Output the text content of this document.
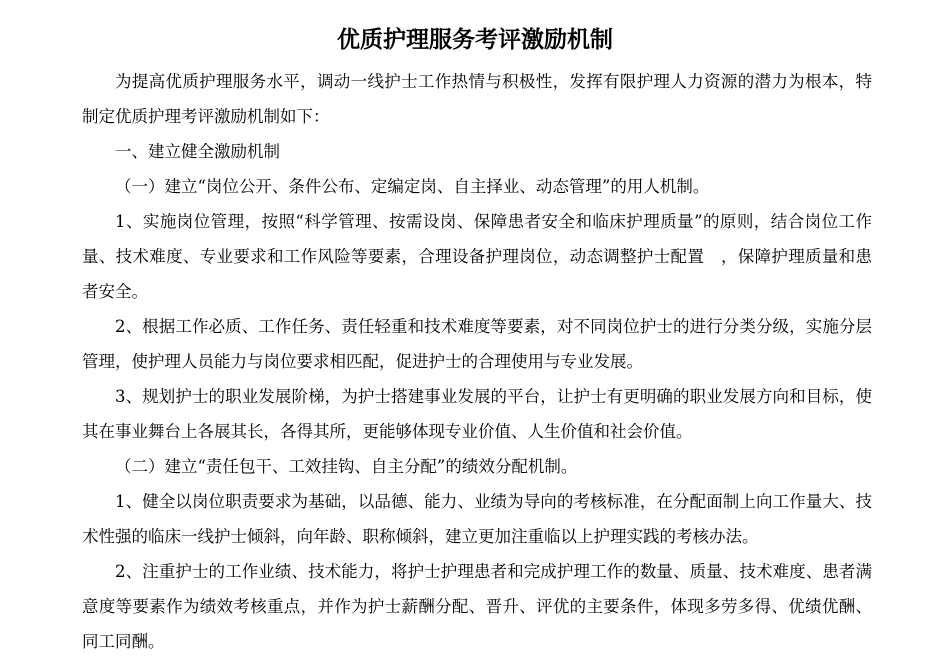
优质护理服务考评激励机制

为提高优质护理服务水平，调动一线护士工作热情与积极性，发挥有限护理人力资源的潜力为根本，特制定优质护理考评激励机制如下：

一、建立健全激励机制

（一）建立“岗位公开、条件公布、定编定岗、自主择业、动态管理”的用人机制。

1、实施岗位管理，按照“科学管理、按需设岗、保障患者安全和临床护理质量”的原则，结合岗位工作量、技术难度、专业要求和工作风险等要素，合理设备护理岗位，动态调整护士配置　，保障护理质量和患者安全。

2、根据工作必质、工作任务、责任轻重和技术难度等要素，对不同岗位护士的进行分类分级，实施分层管理，使护理人员能力与岗位要求相匹配，促进护士的合理使用与专业发展。

3、规划护士的职业发展阶梯，为护士搭建事业发展的平台，让护士有更明确的职业发展方向和目标，使其在事业舞台上各展其长，各得其所，更能够体现专业价值、人生价值和社会价值。

（二）建立“责任包干、工效挂钩、自主分配”的绩效分配机制。

1、健全以岗位职责要求为基础，以品德、能力、业绩为导向的考核标准，在分配面制上向工作量大、技术性强的临床一线护士倾斜，向年龄、职称倾斜，建立更加注重临以上护理实践的考核办法。

2、注重护士的工作业绩、技术能力，将护士护理患者和完成护理工作的数量、质量、技术难度、患者满意度等要素作为绩效考核重点，并作为护士薪酬分配、晋升、评优的主要条件，体现多劳多得、优绩优酬、同工同酬。
